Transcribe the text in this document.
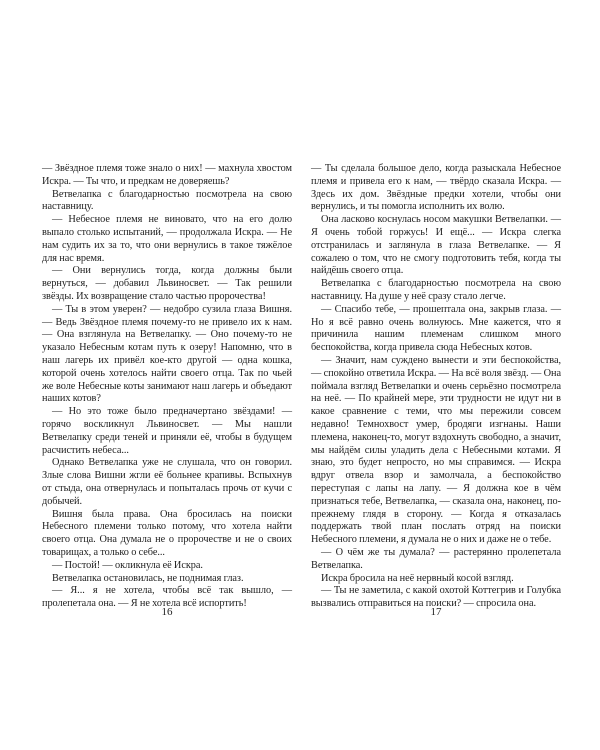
— Звёздное племя тоже знало о них! — махнула хвостом Искра. — Ты что, и предкам не доверяешь?

Ветвелапка с благодарностью посмотрела на свою наставницу.

— Небесное племя не виновато, что на его долю выпало столько испытаний, — продолжала Искра. — Не нам судить их за то, что они вернулись в такое тяжёлое для нас время.

— Они вернулись тогда, когда должны были вернуться, — добавил Львиносвет. — Так решили звёзды. Их возвращение стало частью пророчества!

— Ты в этом уверен? — недобро сузила глаза Вишня. — Ведь Звёздное племя почему-то не привело их к нам. — Она взглянула на Ветвелапку. — Оно почему-то не указало Небесным котам путь к озеру! Напомню, что в наш лагерь их привёл кое-кто другой — одна кошка, которой очень хотелось найти своего отца. Так по чьей же воле Небесные коты занимают наш лагерь и объедают наших котов?

— Но это тоже было предначертано звёздами! — горячо воскликнул Львиносвет. — Мы нашли Ветвелапку среди теней и приняли её, чтобы в будущем расчистить небеса...

Однако Ветвелапка уже не слушала, что он говорил. Злые слова Вишни жгли её больнее крапивы. Вспыхнув от стыда, она отвернулась и попыталась прочь от кучи с добычей.

Вишня была права. Она бросилась на поиски Небесного племени только потому, что хотела найти своего отца. Она думала не о пророчестве и не о своих товарищах, а только о себе...

— Постой! — окликнула её Искра.

Ветвелапка остановилась, не поднимая глаз.

— Я... я не хотела, чтобы всё так вышло, — пролепетала она. — Я не хотела всё испортить!

— Ты сделала большое дело, когда разыскала Небесное племя и привела его к нам, — твёрдо сказала Искра. — Здесь их дом. Звёздные предки хотели, чтобы они вернулись, и ты помогла исполнить их волю.

Она ласково коснулась носом макушки Ветвелапки. — Я очень тобой горжусь! И ещё... — Искра слегка отстранилась и заглянула в глаза Ветвелапке. — Я сожалею о том, что не смогу подготовить тебя, когда ты найдёшь своего отца.

Ветвелапка с благодарностью посмотрела на свою наставницу. На душе у неё сразу стало легче.

— Спасибо тебе, — прошептала она, закрыв глаза. — Но я всё равно очень волнуюсь. Мне кажется, что я причинила нашим племенам слишком много беспокойства, когда привела сюда Небесных котов.

— Значит, нам суждено вынести и эти беспокойства, — спокойно ответила Искра. — На всё воля звёзд. — Она поймала взгляд Ветвелапки и очень серьёзно посмотрела на неё. — По крайней мере, эти трудности не идут ни в какое сравнение с теми, что мы пережили совсем недавно! Темнохвост умер, бродяги изгнаны. Наши племена, наконец-то, могут вздохнуть свободно, а значит, мы найдём силы уладить дела с Небесными котами. Я знаю, это будет непросто, но мы справимся. — Искра вдруг отвела взор и замолчала, а беспокойство переступая с лапы на лапу. — Я должна кое в чём признаться тебе, Ветвелапка, — сказала она, наконец, по-прежнему глядя в сторону. — Когда я отказалась поддержать твой план послать отряд на поиски Небесного племени, я думала не о них и даже не о тебе.

— О чём же ты думала? — растерянно пролепетала Ветвелапка.

Искра бросила на неё нервный косой взгляд.

— Ты не заметила, с какой охотой Коттегрив и Голубка вызвались отправиться на поиски? — спросила она.

16	17
